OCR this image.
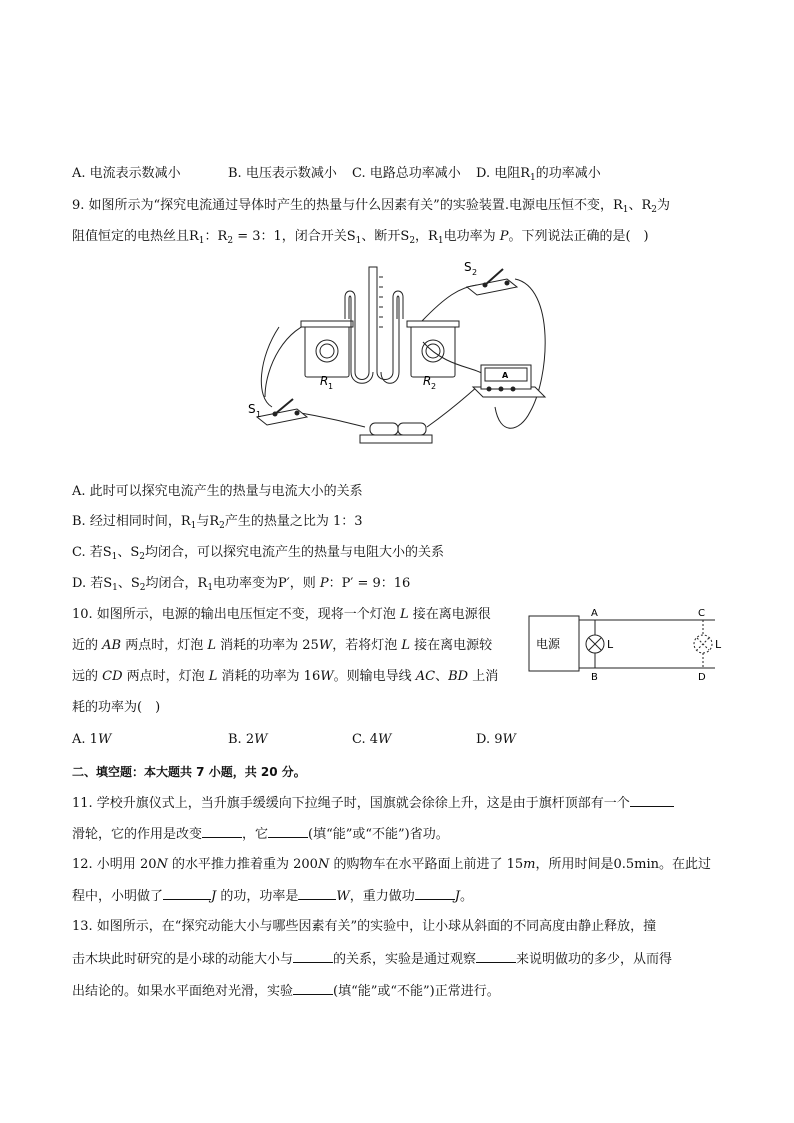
A. 电流表示数减小	B. 电压表示数减小 C. 电路总功率减小 D. 电阻$R_1$的功率减小
9. 如图所示为“探究电流通过导体时产生的热量与什么因素有关”的实验装置.电源电压恒不变，$R_1$、$R_2$为
阻值恒定的电热丝且$R_1$：$R_2 = 3$：1，闭合开关$S_1$、断开$S_2$，$R_1$电功率为 P。下列说法正确的是(　)
S 2
S 1
R 1	R 2
A
A. 此时可以探究电流产生的热量与电流大小的关系
B. 经过相同时间，$R_1$与$R_2$产生的热量之比为 1：3
C. 若$S_1$、$S_2$均闭合，可以探究电流产生的热量与电阻大小的关系
D. 若$S_1$、$S_2$均闭合，$R_1$电功率变为P′，则 P：P′ = 9：16
10. 如图所示，电源的输出电压恒定不变，现将一个灯泡 L 接在离电源很
近的 AB 两点时，灯泡 L 消耗的功率为 25W，若将灯泡 L 接在离电源较
远的 CD 两点时，灯泡 L 消耗的功率为 16W。则输电导线 AC、BD 上消
耗的功率为(　)
电源
A
B
C
D
L	L
A. 1W	B. 2W	C. 4W	D. 9W
二、填空题：本大题共 7 小题，共 20 分。
11. 学校升旗仪式上，当升旗手缓缓向下拉绳子时，国旗就会徐徐上升，这是由于旗杆顶部有一个
滑轮，它的作用是改变	，它	(填“能”或“不能”)省功。
12. 小明用 20N 的水平推力推着重为 200N 的购物车在水平路面上前进了 15m，所用时间是0.5min。在此过
程中，小明做了	J 的功，功率是	W，重力做功	J。
13. 如图所示，在“探究动能大小与哪些因素有关”的实验中，让小球从斜面的不同高度由静止释放，撞
击木块此时研究的是小球的动能大小与	的关系，实验是通过观察	来说明做功的多少，从而得
出结论的。如果水平面绝对光滑，实验	(填“能”或“不能”)正常进行。
